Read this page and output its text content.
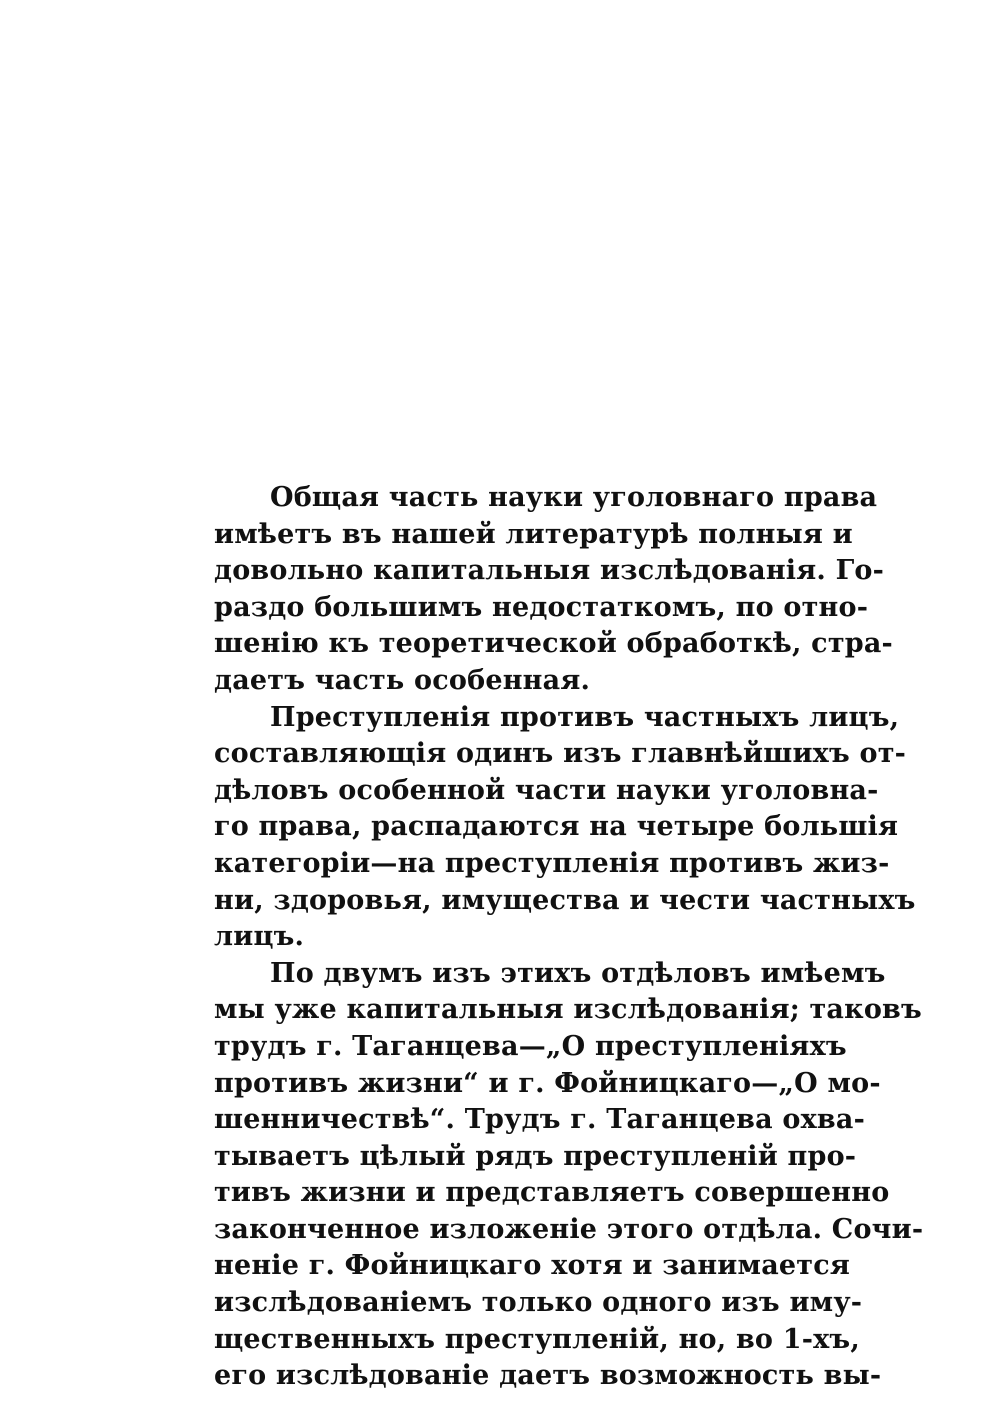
Общая часть науки уголовнаго права
имѣетъ въ нашей литературѣ полныя и
довольно капитальныя изслѣдованія. Го-
раздо большимъ недостаткомъ, по отно-
шенію къ теоретической обработкѣ, стра-
даетъ часть особенная.
Преступленія противъ частныхъ лицъ,
составляющія одинъ изъ главнѣйшихъ от-
дѣловъ особенной части науки уголовна-
го права, распадаются на четыре большія
категоріи—на преступленія противъ жиз-
ни, здоровья, имущества и чести частныхъ
лицъ.
По двумъ изъ этихъ отдѣловъ имѣемъ
мы уже капитальныя изслѣдованія; таковъ
трудъ г. Таганцева—„О преступленіяхъ
противъ жизни“ и г. Фойницкаго—„О мо-
шенничествѣ“. Трудъ г. Таганцева охва-
тываетъ цѣлый рядъ преступленій про-
тивъ жизни и представляетъ совершенно
законченное изложеніе этого отдѣла. Сочи-
неніе г. Фойницкаго хотя и занимается
изслѣдованіемъ только одного изъ иму-
щественныхъ преступленій, но, во 1-хъ,
его изслѣдованіе даетъ возможность вы-
